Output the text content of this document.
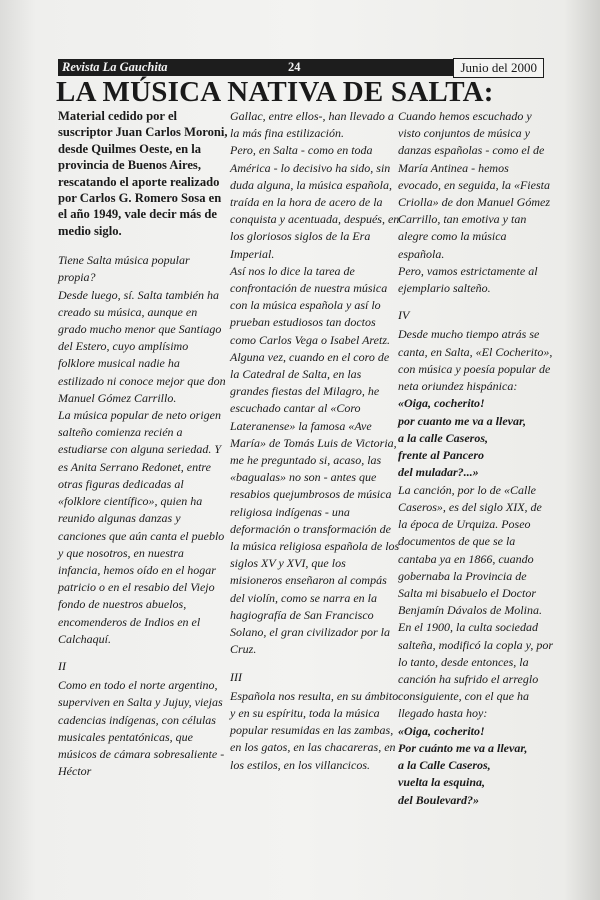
Revista La Gauchita	24	Junio del 2000
LA MÚSICA NATIVA DE SALTA:

Material cedido por el suscriptor Juan Carlos Moroni, desde Quilmes Oeste, en la provincia de Buenos Aires, rescatando el aporte realizado por Carlos G. Romero Sosa en el año 1949, vale decir más de medio siglo.

Tiene Salta música popular propia?

Desde luego, sí. Salta también ha creado su música, aunque en grado mucho menor que Santiago del Estero, cuyo amplísimo folklore musical nadie ha estilizado ni conoce mejor que don Manuel Gómez Carrillo.

La música popular de neto origen salteño comienza recién a estudiarse con alguna seriedad. Y es Anita Serrano Redonet, entre otras figuras dedicadas al «folklore científico», quien ha reunido algunas danzas y canciones que aún canta el pueblo y que nosotros, en nuestra infancia, hemos oído en el hogar patricio o en el resabio del Viejo fondo de nuestros abuelos, encomenderos de Indios en el Calchaquí.

II

Como en todo el norte argentino, superviven en Salta y Jujuy, viejas cadencias indígenas, con células musicales pentatónicas, que músicos de cámara sobresaliente - Héctor

Gallac, entre ellos-, han llevado a la más fina estilización.

Pero, en Salta - como en toda América - lo decisivo ha sido, sin duda alguna, la música española, traída en la hora de acero de la conquista y acentuada, después, en los gloriosos siglos de la Era Imperial.

Así nos lo dice la tarea de confrontación de nuestra música con la música española y así lo prueban estudiosos tan doctos como Carlos Vega o Isabel Aretz.

Alguna vez, cuando en el coro de la Catedral de Salta, en las grandes fiestas del Milagro, he escuchado cantar al «Coro Lateranense» la famosa «Ave María» de Tomás Luis de Victoria, me he preguntado si, acaso, las «bagualas» no son - antes que resabios quejumbrosos de música religiosa indígenas - una deformación o transformación de la música religiosa española de los siglos XV y XVI, que los misioneros enseñaron al compás del violín, como se narra en la hagiografía de San Francisco Solano, el gran civilizador por la Cruz.

III

Española nos resulta, en su ámbito y en su espíritu, toda la música popular resumidas en las zambas, en los gatos, en las chacareras, en los estilos, en los villancicos.

Cuando hemos escuchado y visto conjuntos de música y danzas españolas - como el de María Antinea - hemos evocado, en seguida, la «Fiesta Criolla» de don Manuel Gómez Carrillo, tan emotiva y tan alegre como la música española.

Pero, vamos estrictamente al ejemplario salteño.

IV

Desde mucho tiempo atrás se canta, en Salta, «El Cocherito», con música y poesía popular de neta oriundez hispánica:

«Oiga, cocherito!

por cuanto me va a llevar,

a la calle Caseros,

frente al Pancero

del muladar?...»

La canción, por lo de «Calle Caseros», es del siglo XIX, de la época de Urquiza. Poseo documentos de que se la cantaba ya en 1866, cuando gobernaba la Provincia de Salta mi bisabuelo el Doctor Benjamín Dávalos de Molina. En el 1900, la culta sociedad salteña, modificó la copla y, por lo tanto, desde entonces, la canción ha sufrido el arreglo consiguiente, con el que ha llegado hasta hoy:

«Oiga, cocherito!

Por cuánto me va a llevar,

a la Calle Caseros,

vuelta la esquina,

del Boulevard?»
